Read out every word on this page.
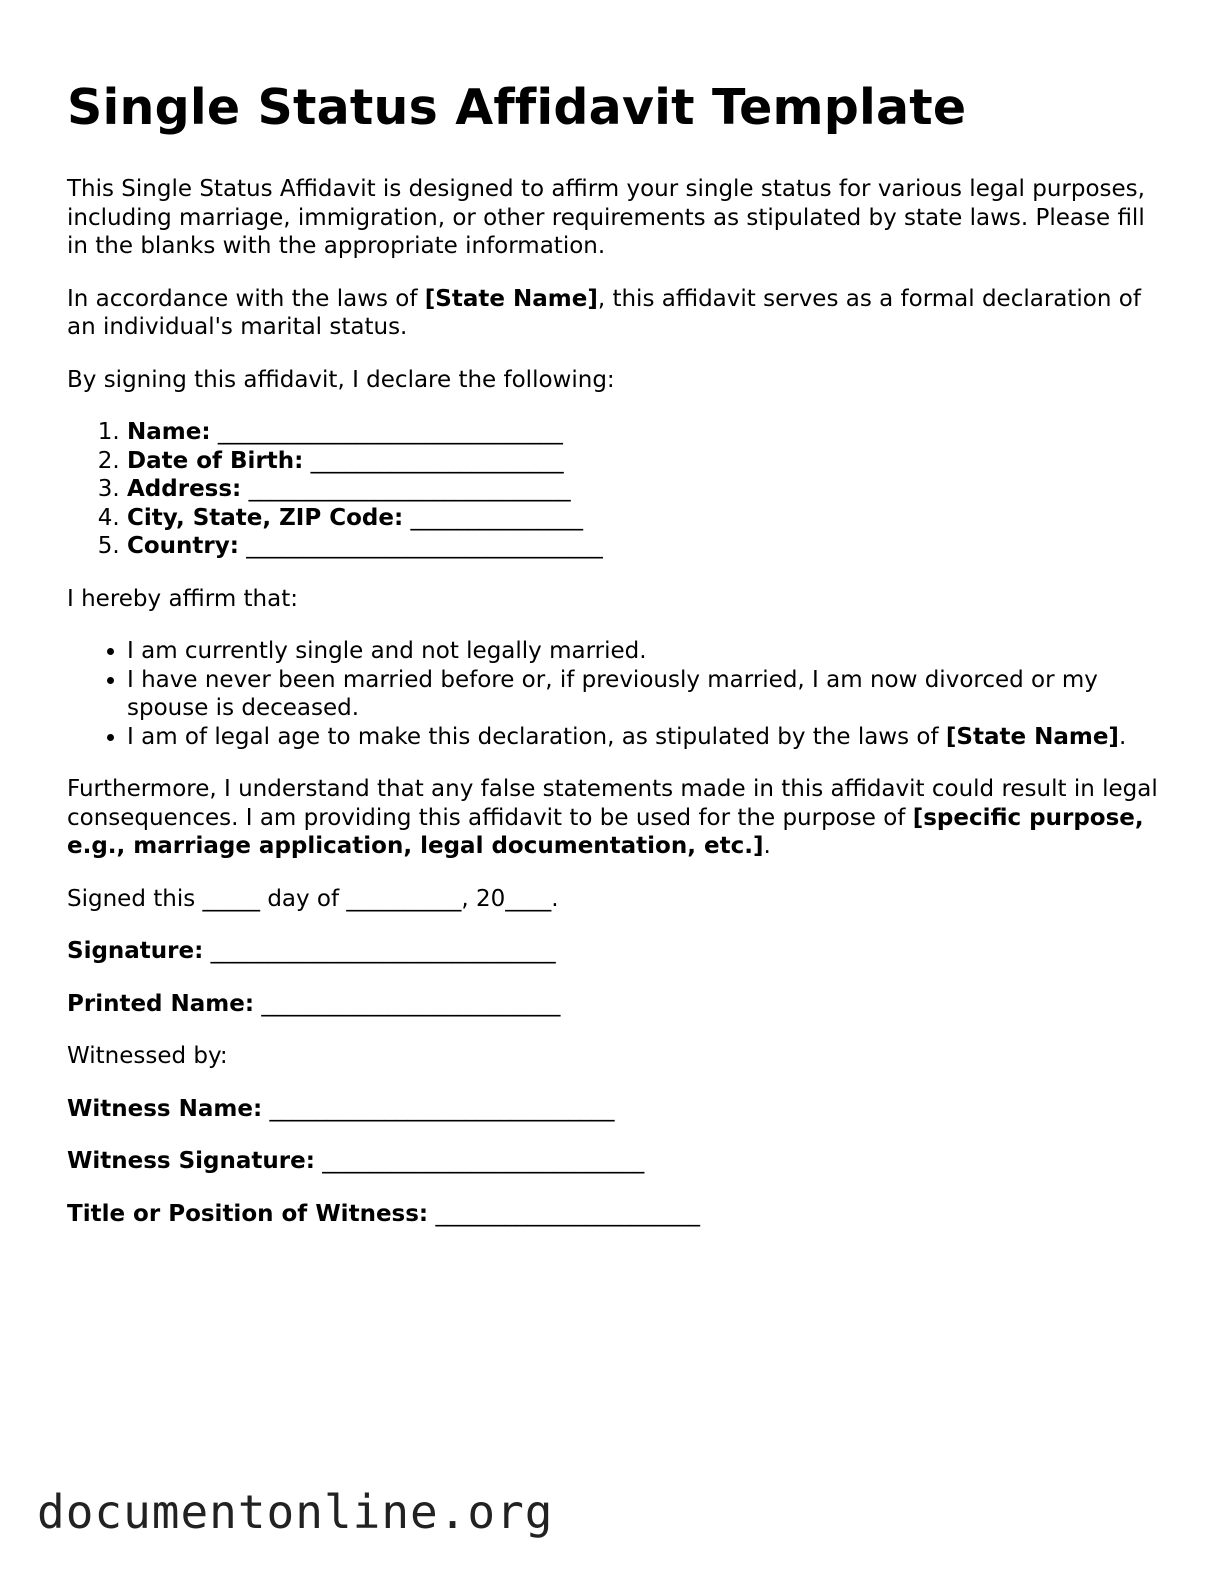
Single Status Affidavit Template

This Single Status Affidavit is designed to affirm your single status for various legal purposes, including marriage, immigration, or other requirements as stipulated by state laws. Please fill in the blanks with the appropriate information.

In accordance with the laws of [State Name], this affidavit serves as a formal declaration of an individual's marital status.

By signing this affidavit, I declare the following:

1. Name: ______________________________
2. Date of Birth: ______________________
3. Address: ____________________________
4. City, State, ZIP Code: _______________
5. Country: _______________________________

I hereby affirm that:

• I am currently single and not legally married.
• I have never been married before or, if previously married, I am now divorced or my spouse is deceased.
• I am of legal age to make this declaration, as stipulated by the laws of [State Name].

Furthermore, I understand that any false statements made in this affidavit could result in legal consequences. I am providing this affidavit to be used for the purpose of [specific purpose, e.g., marriage application, legal documentation, etc.].

Signed this _____ day of __________, 20____.

Signature: ______________________________
Printed Name: __________________________

Witnessed by:

Witness Name: ______________________________
Witness Signature: ____________________________
Title or Position of Witness: _______________________
documentonline.org
